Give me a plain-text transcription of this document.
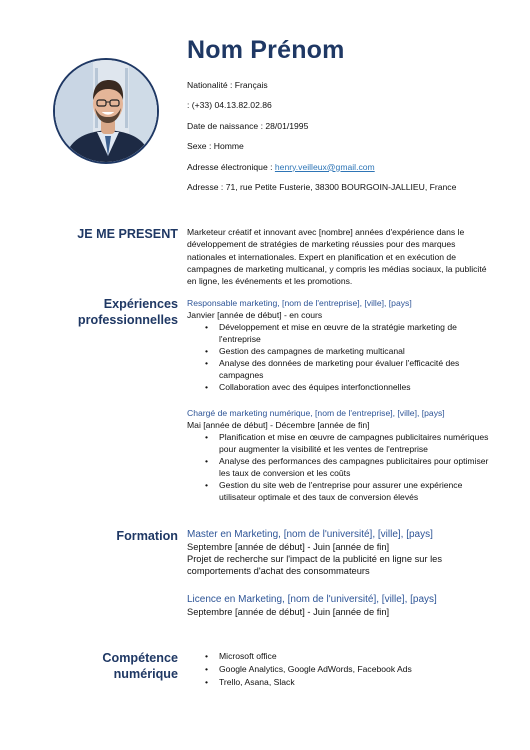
Nom Prénom
Nationalité : Français
: (+33) 04.13.82.02.86
Date de naissance : 28/01/1995
Sexe : Homme
Adresse électronique : henry.veilleux@gmail.com
Adresse : 71, rue Petite Fusterie, 38300 BOURGOIN-JALLIEU, France
JE ME PRESENT Marketeur créatif et innovant avec [nombre] années d'expérience dans le développement de stratégies de marketing réussies pour des marques nationales et internationales. Expert en planification et en exécution de campagnes de marketing multicanal, y compris les médias sociaux, la publicité en ligne, les événements et les promotions.
Expériences
professionnelles
Responsable marketing, [nom de l'entreprise], [ville], [pays]
Janvier [année de début] - en cours
• Développement et mise en œuvre de la stratégie marketing de l'entreprise
• Gestion des campagnes de marketing multicanal
• Analyse des données de marketing pour évaluer l'efficacité des campagnes
• Collaboration avec des équipes interfonctionnelles
Chargé de marketing numérique, [nom de l'entreprise], [ville], [pays]
Mai [année de début] - Décembre [année de fin]
• Planification et mise en œuvre de campagnes publicitaires numériques pour augmenter la visibilité et les ventes de l'entreprise
• Analyse des performances des campagnes publicitaires pour optimiser les taux de conversion et les coûts
• Gestion du site web de l'entreprise pour assurer une expérience utilisateur optimale et des taux de conversion élevés
Formation Master en Marketing, [nom de l'université], [ville], [pays]
Septembre [année de début] - Juin [année de fin]
Projet de recherche sur l'impact de la publicité en ligne sur les comportements d'achat des consommateurs
Licence en Marketing, [nom de l'université], [ville], [pays]
Septembre [année de début] - Juin [année de fin]
Compétence
numérique
• Microsoft office
• Google Analytics, Google AdWords, Facebook Ads
• Trello, Asana, Slack
